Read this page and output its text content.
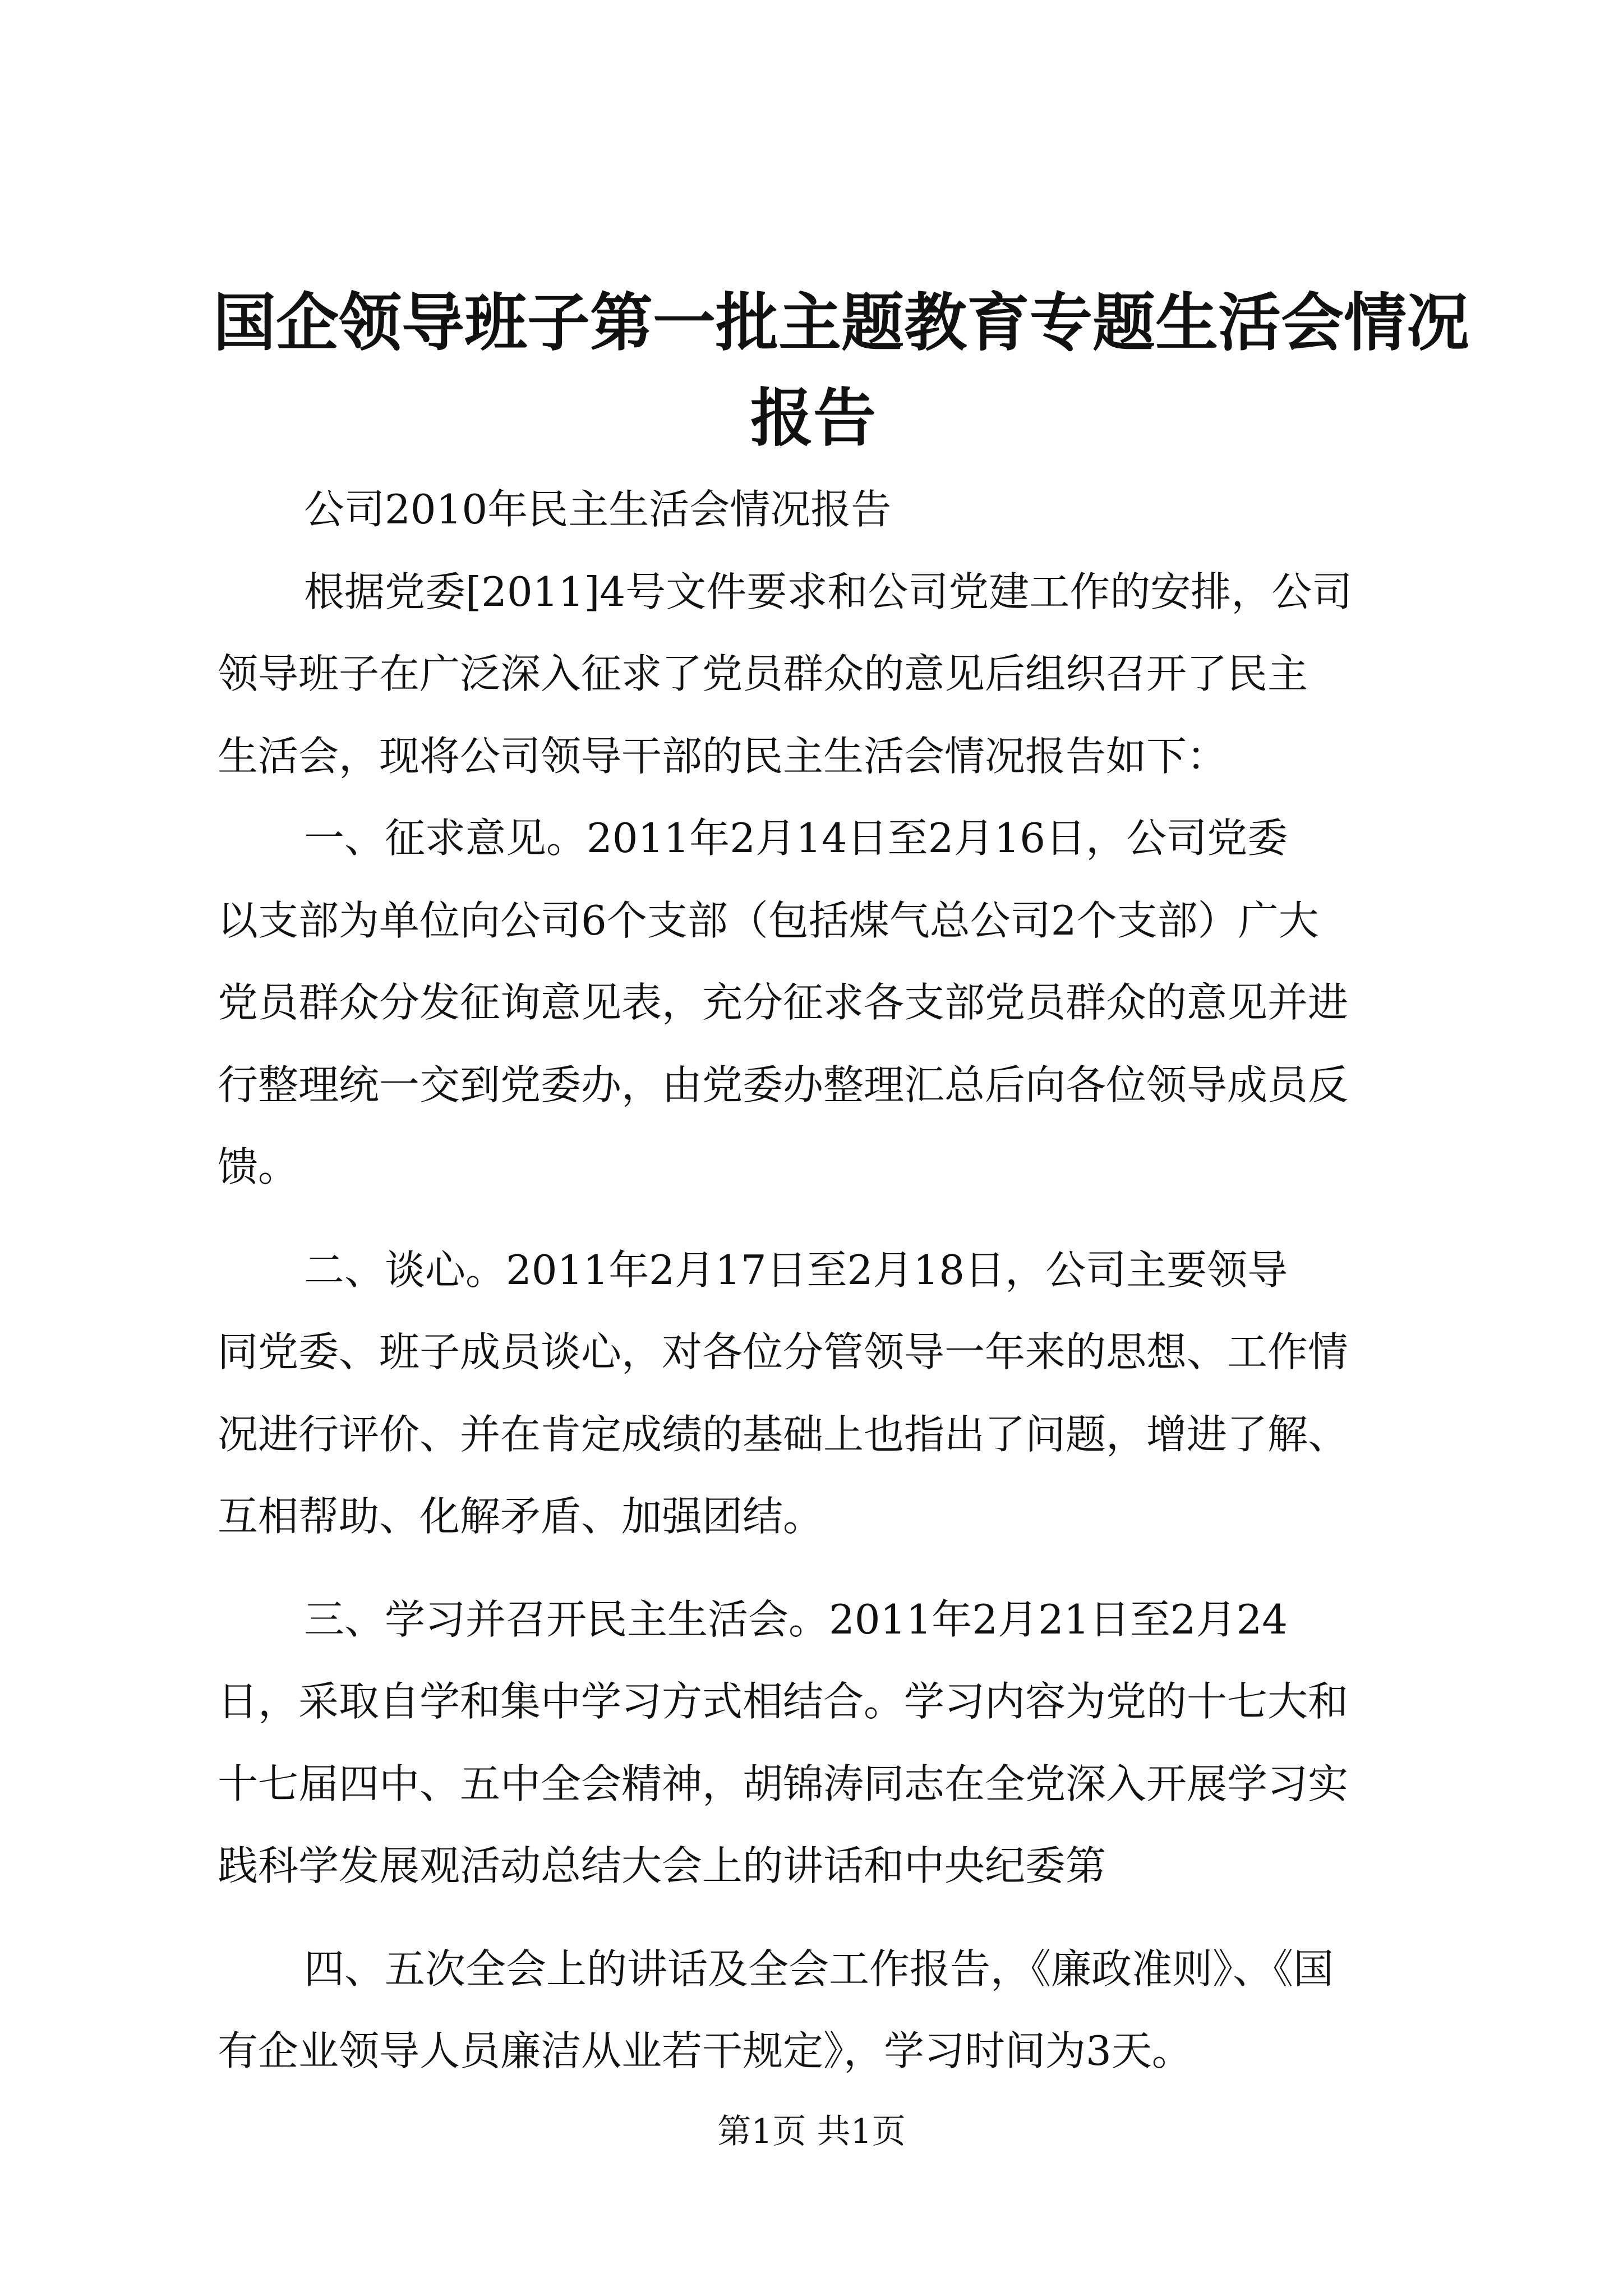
国企领导班子第一批主题教育专题生活会情况
报告
公司2010年民主生活会情况报告
根据党委[2011]4号文件要求和公司党建工作的安排，公司
领导班子在广泛深入征求了党员群众的意见后组织召开了民主
生活会，现将公司领导干部的民主生活会情况报告如下：
一、征求意见。2011年2月14日至2月16日，公司党委
以支部为单位向公司6个支部（包括煤气总公司2个支部）广大
党员群众分发征询意见表，充分征求各支部党员群众的意见并进
行整理统一交到党委办，由党委办整理汇总后向各位领导成员反
馈。
二、谈心。2011年2月17日至2月18日，公司主要领导
同党委、班子成员谈心，对各位分管领导一年来的思想、工作情
况进行评价、并在肯定成绩的基础上也指出了问题，增进了解、
互相帮助、化解矛盾、加强团结。
三、学习并召开民主生活会。2011年2月21日至2月24
日，采取自学和集中学习方式相结合。学习内容为党的十七大和
十七届四中、五中全会精神，胡锦涛同志在全党深入开展学习实
践科学发展观活动总结大会上的讲话和中央纪委第
四、五次全会上的讲话及全会工作报告，《廉政准则》、《国
有企业领导人员廉洁从业若干规定》，学习时间为3天。
第1页 共1页
